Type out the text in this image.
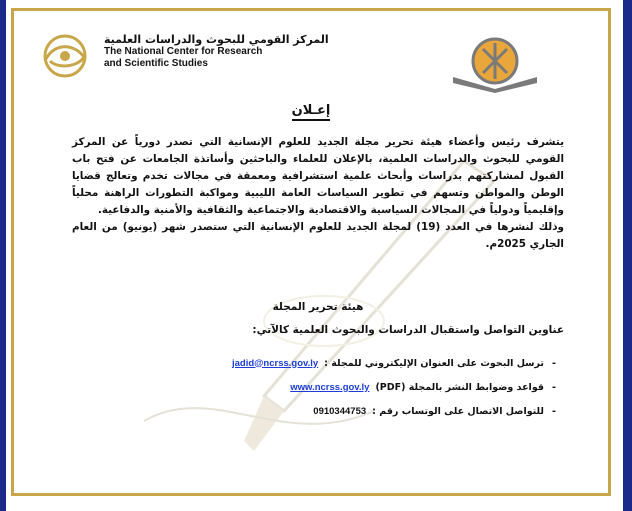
المركز القومي للبحوث والدراسات العلمية
The National Center for Research
and Scientific Studies
إعـلان
يتشرف رئيس وأعضاء هيئة تحرير مجلة الجديد للعلوم الإنسانية التي تصدر دورياً عن المركز القومي للبحوث والدراسات العلمية، بالإعلان للعلماء والباحثين وأساتذة الجامعات عن فتح باب القبول لمشاركتهم بدراسات وأبحاث علمية استشرافية ومعمقة في مجالات تخدم وتعالج قضايا الوطن والمواطن وتسهم في تطوير السياسات العامة الليبية ومواكبة التطورات الراهنة محلياً وإقليمياً ودولياً في المجالات السياسية والاقتصادية والاجتماعية والثقافية والأمنية والدفاعية.
وذلك لنشرها في العدد (19) لمجلة الجديد للعلوم الإنسانية التي ستصدر شهر (يونيو) من العام الجاري 2025م.
هيئة تحرير المجلة
عناوين التواصل واستقبال الدراسات والبحوث العلمية كالآتي:
-
ترسل البحوث على العنوان الإليكتروني للمجلة :
jadid@ncrss.gov.ly
-
قواعد وضوابط النشر بالمجلة (PDF)
www.ncrss.gov.ly
-
للتواصل الاتصال على الوتساب رقم :
0910344753
